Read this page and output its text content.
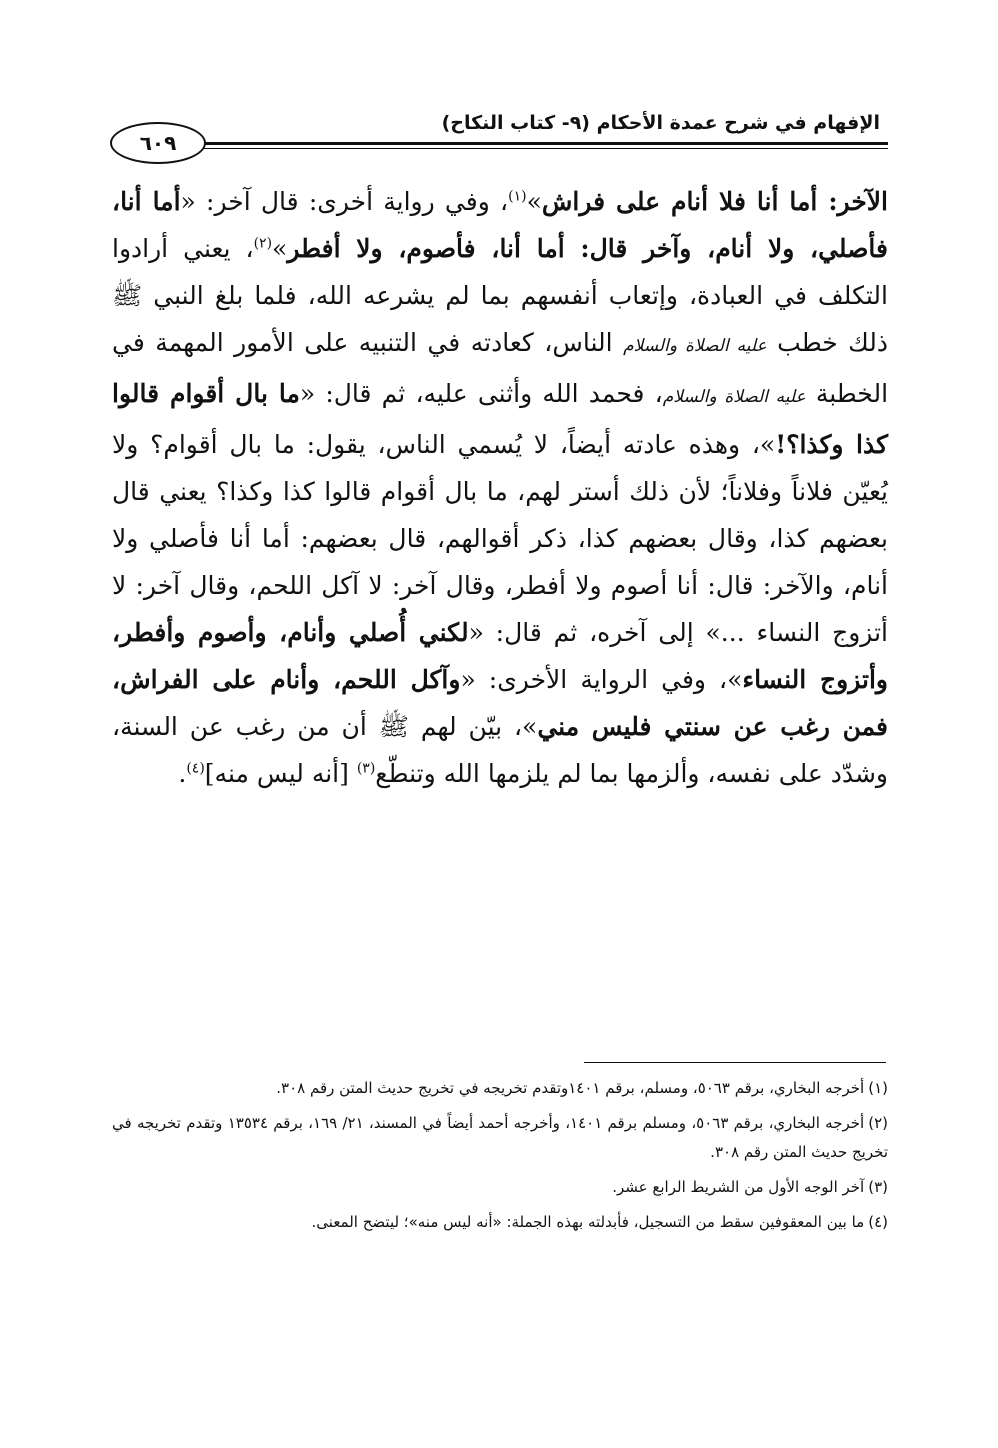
الإفهام في شرح عمدة الأحكام (٩- كتاب النكاح)
٦٠٩

الآخر: أما أنا فلا أنام على فراش»$^{(١)}$، وفي رواية أخرى: قال آخر: «أما أنا، فأصلي، ولا أنام، وآخر قال: أما أنا، فأصوم، ولا أفطر»$^{(٢)}$، يعني أرادوا التكلف في العبادة، وإتعاب أنفسهم بما لم يشرعه الله، فلما بلغ النبي ﷺ ذلك خطب عليه الصلاة والسلام الناس، كعادته في التنبيه على الأمور المهمة في الخطبة عليه الصلاة والسلام، فحمد الله وأثنى عليه، ثم قال: «ما بال أقوام قالوا كذا وكذا؟!»، وهذه عادته أيضاً، لا يُسمي الناس، يقول: ما بال أقوام؟ ولا يُعيّن فلاناً وفلاناً؛ لأن ذلك أستر لهم، ما بال أقوام قالوا كذا وكذا؟ يعني قال بعضهم كذا، وقال بعضهم كذا، ذكر أقوالهم، قال بعضهم: أما أنا فأصلي ولا أنام، والآخر: قال: أنا أصوم ولا أفطر، وقال آخر: لا آكل اللحم، وقال آخر: لا أتزوج النساء ...» إلى آخره، ثم قال: «لكني أُصلي وأنام، وأصوم وأفطر، وأتزوج النساء»، وفي الرواية الأخرى: «وآكل اللحم، وأنام على الفراش، فمن رغب عن سنتي فليس مني»، بيّن لهم ﷺ أن من رغب عن السنة، وشدّد على نفسه، وألزمها بما لم يلزمها الله وتنطّع$^{(٣)}$ [أنه ليس منه]$^{(٤)}$.

(١)أخرجه البخاري، برقم ٥٠٦٣، ومسلم، برقم ١٤٠١وتقدم تخريجه في تخريج حديث المتن رقم ٣٠٨.

(٢)أخرجه البخاري، برقم ٥٠٦٣، ومسلم برقم ١٤٠١، وأخرجه أحمد أيضاً في المسند، ٢١/ ١٦٩، برقم ١٣٥٣٤ وتقدم تخريجه في تخريج حديث المتن رقم ٣٠٨.

(٣)آخر الوجه الأول من الشريط الرابع عشر.

(٤)ما بين المعقوفين سقط من التسجيل، فأبدلته بهذه الجملة: «أنه ليس منه»؛ ليتضح المعنى.
